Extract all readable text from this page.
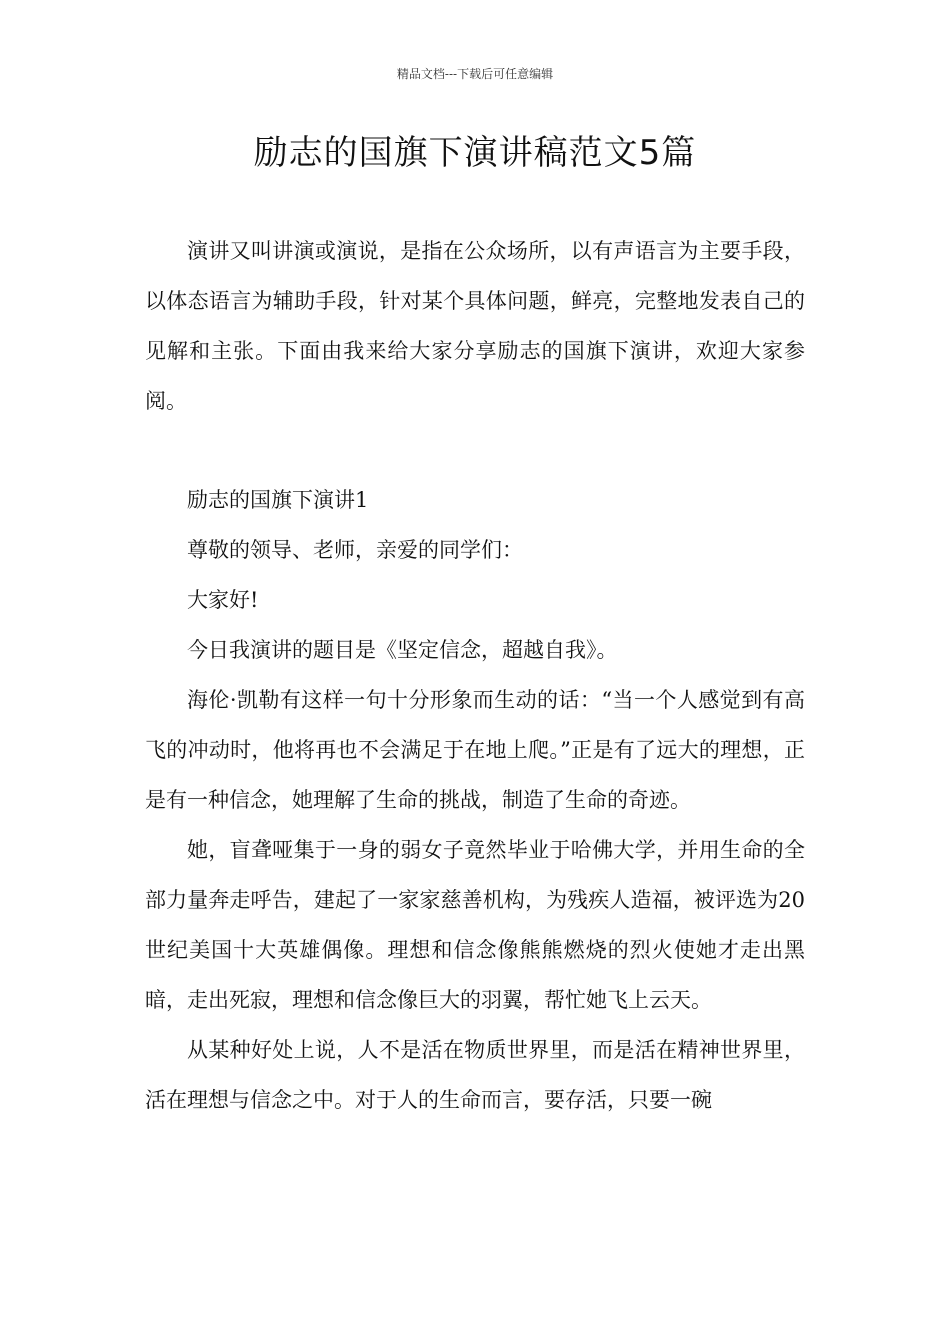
精品文档---下载后可任意编辑
励志的国旗下演讲稿范文5篇

演讲又叫讲演或演说，是指在公众场所，以有声语言为主要手段，以体态语言为辅助手段，针对某个具体问题，鲜亮，完整地发表自己的见解和主张。下面由我来给大家分享励志的国旗下演讲，欢迎大家参阅。

励志的国旗下演讲1

尊敬的领导、老师，亲爱的同学们：

大家好!

今日我演讲的题目是《坚定信念，超越自我》。

海伦·凯勒有这样一句十分形象而生动的话：“当一个人感觉到有高飞的冲动时，他将再也不会满足于在地上爬。”正是有了远大的理想，正是有一种信念，她理解了生命的挑战，制造了生命的奇迹。

她，盲聋哑集于一身的弱女子竟然毕业于哈佛大学，并用生命的全部力量奔走呼告，建起了一家家慈善机构，为残疾人造福，被评选为20世纪美国十大英雄偶像。理想和信念像熊熊燃烧的烈火使她才走出黑暗，走出死寂，理想和信念像巨大的羽翼，帮忙她飞上云天。

从某种好处上说，人不是活在物质世界里，而是活在精神世界里，活在理想与信念之中。对于人的生命而言，要存活，只要一碗
